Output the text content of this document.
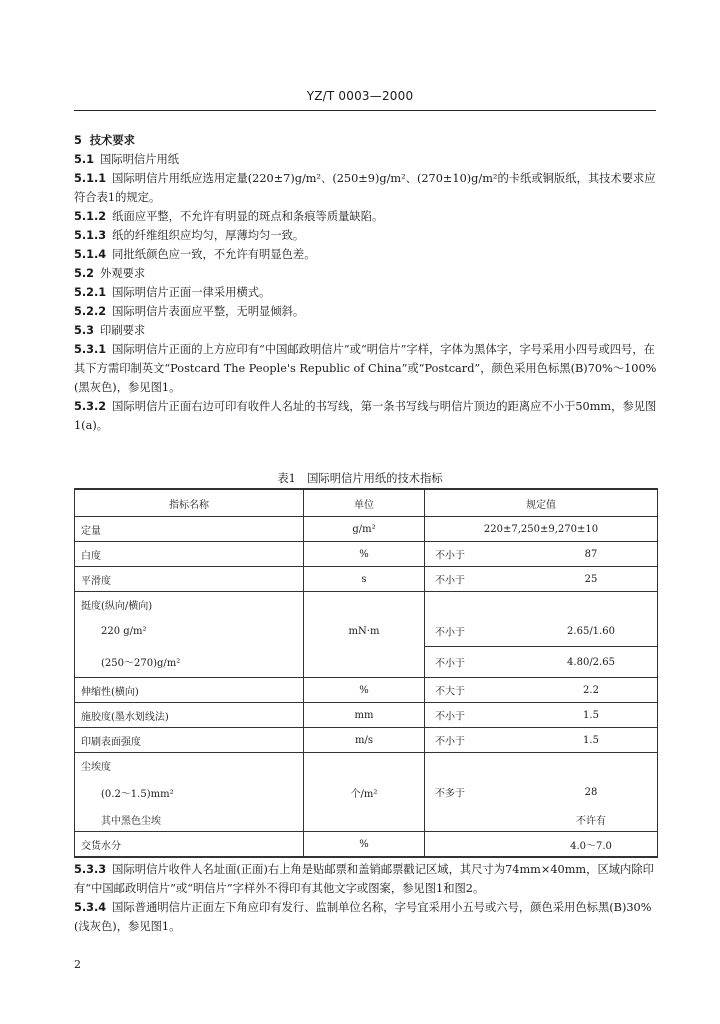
YZ/T 0003—2000

5 技术要求

5.1 国际明信片用纸

5.1.1 国际明信片用纸应选用定量(220±7)g/m²、(250±9)g/m²、(270±10)g/m²的卡纸或铜版纸，其技术要求应符合表1的规定。

5.1.2 纸面应平整，不允许有明显的斑点和条痕等质量缺陷。

5.1.3 纸的纤维组织应均匀，厚薄均匀一致。

5.1.4 同批纸颜色应一致，不允许有明显色差。

5.2 外观要求

5.2.1 国际明信片正面一律采用横式。

5.2.2 国际明信片表面应平整，无明显倾斜。

5.3 印刷要求

5.3.1 国际明信片正面的上方应印有“中国邮政明信片”或“明信片”字样，字体为黑体字，字号采用小四号或四号，在其下方需印制英文“Postcard The People's Republic of China”或“Postcard”，颜色采用色标黑(B)70%～100%(黑灰色)，参见图1。

5.3.2 国际明信片正面右边可印有收件人名址的书写线，第一条书写线与明信片顶边的距离应不小于50mm，参见图1(a)。

表1　国际明信片用纸的技术指标
指标名称	单位	规定值
定量	g/m²	220±7,250±9,270±10

白度	%	不小于 87

平滑度	s	不小于 25

挺度(纵向/横向)		
220 g/m²	mN·m	不小于 2.65/1.60

(250～270)g/m²		不小于 4.80/2.65

伸缩性(横向)	%	不大于 2.2

施胶度(墨水划线法)	mm	不小于 1.5

印刷表面强度	m/s	不小于 1.5

尘埃度		
(0.2～1.5)mm²	个/m²	不多于 28

其中黑色尘埃		不许有

交货水分	%	4.0～7.0

5.3.3 国际明信片收件人名址面(正面)右上角是贴邮票和盖销邮票戳记区域，其尺寸为74mm×40mm，区域内除印有“中国邮政明信片”或“明信片”字样外不得印有其他文字或图案，参见图1和图2。

5.3.4 国际普通明信片正面左下角应印有发行、监制单位名称，字号宜采用小五号或六号，颜色采用色标黑(B)30%(浅灰色)，参见图1。

2
